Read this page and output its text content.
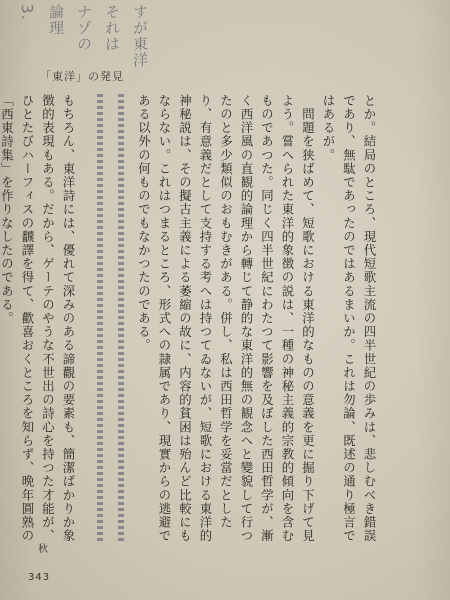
すが東洋
それは
ナゾの
論理
3.
「東洋」の発見

とか。結局のところ、現代短歌主流の四半世紀の歩みは、悲しむべき錯誤であり、無駄であったのではあるまいか。これは勿論、既述の通り極言ではあるが。
　問題を狭ばめて、短歌における東洋的なものの意義を更に掘り下げて見よう。嘗へられた東洋的象徴の説は、一種の神秘主義的宗教的傾向を含むものであつた。同じく四半世紀にわたつて影響を及ぼした西田哲学が、漸く西洋風の直観的論理から轉じて静的な東洋的無の観念へと變貌して行つたのと多少類似のおもむきがある。併し、私は西田哲学を妥當だとしたり、有意義だとして支持する考へは持つてゐないが、短歌における東洋的神秘説は、その擬古主義による萎縮の故に、内容的貧困は殆んど比較にもならない。これはつまるところ、形式への隷属であり、現實からの逃避である以外の何ものでもなかつたのである。

もちろん、東洋詩には、優れて深みのある諦觀の要素も、簡潔ばかりか象徴的表現もある。だから、ゲーテのやうな不世出の詩心を持つた才能が、ひとたびハーフィスの飜譯を得て、歡喜おくところを知らず、晩年圓熟の「西東詩集」を作りなしたのである。

秋
343
